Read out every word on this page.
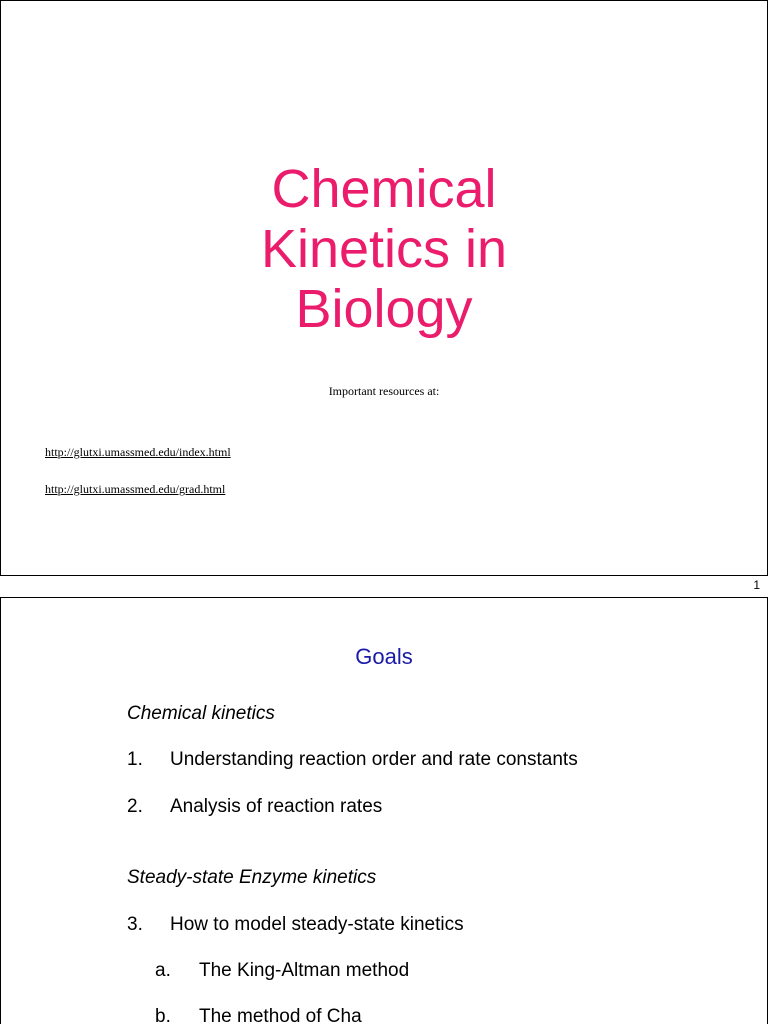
Chemical
Kinetics in
Biology
Important resources at:
http://glutxi.umassmed.edu/index.html
http://glutxi.umassmed.edu/grad.html
1
Goals
Chemical kinetics
1. Understanding reaction order and rate constants
2. Analysis of reaction rates
Steady-state Enzyme kinetics
3. How to model steady-state kinetics
a. The King-Altman method
b. The method of Cha
